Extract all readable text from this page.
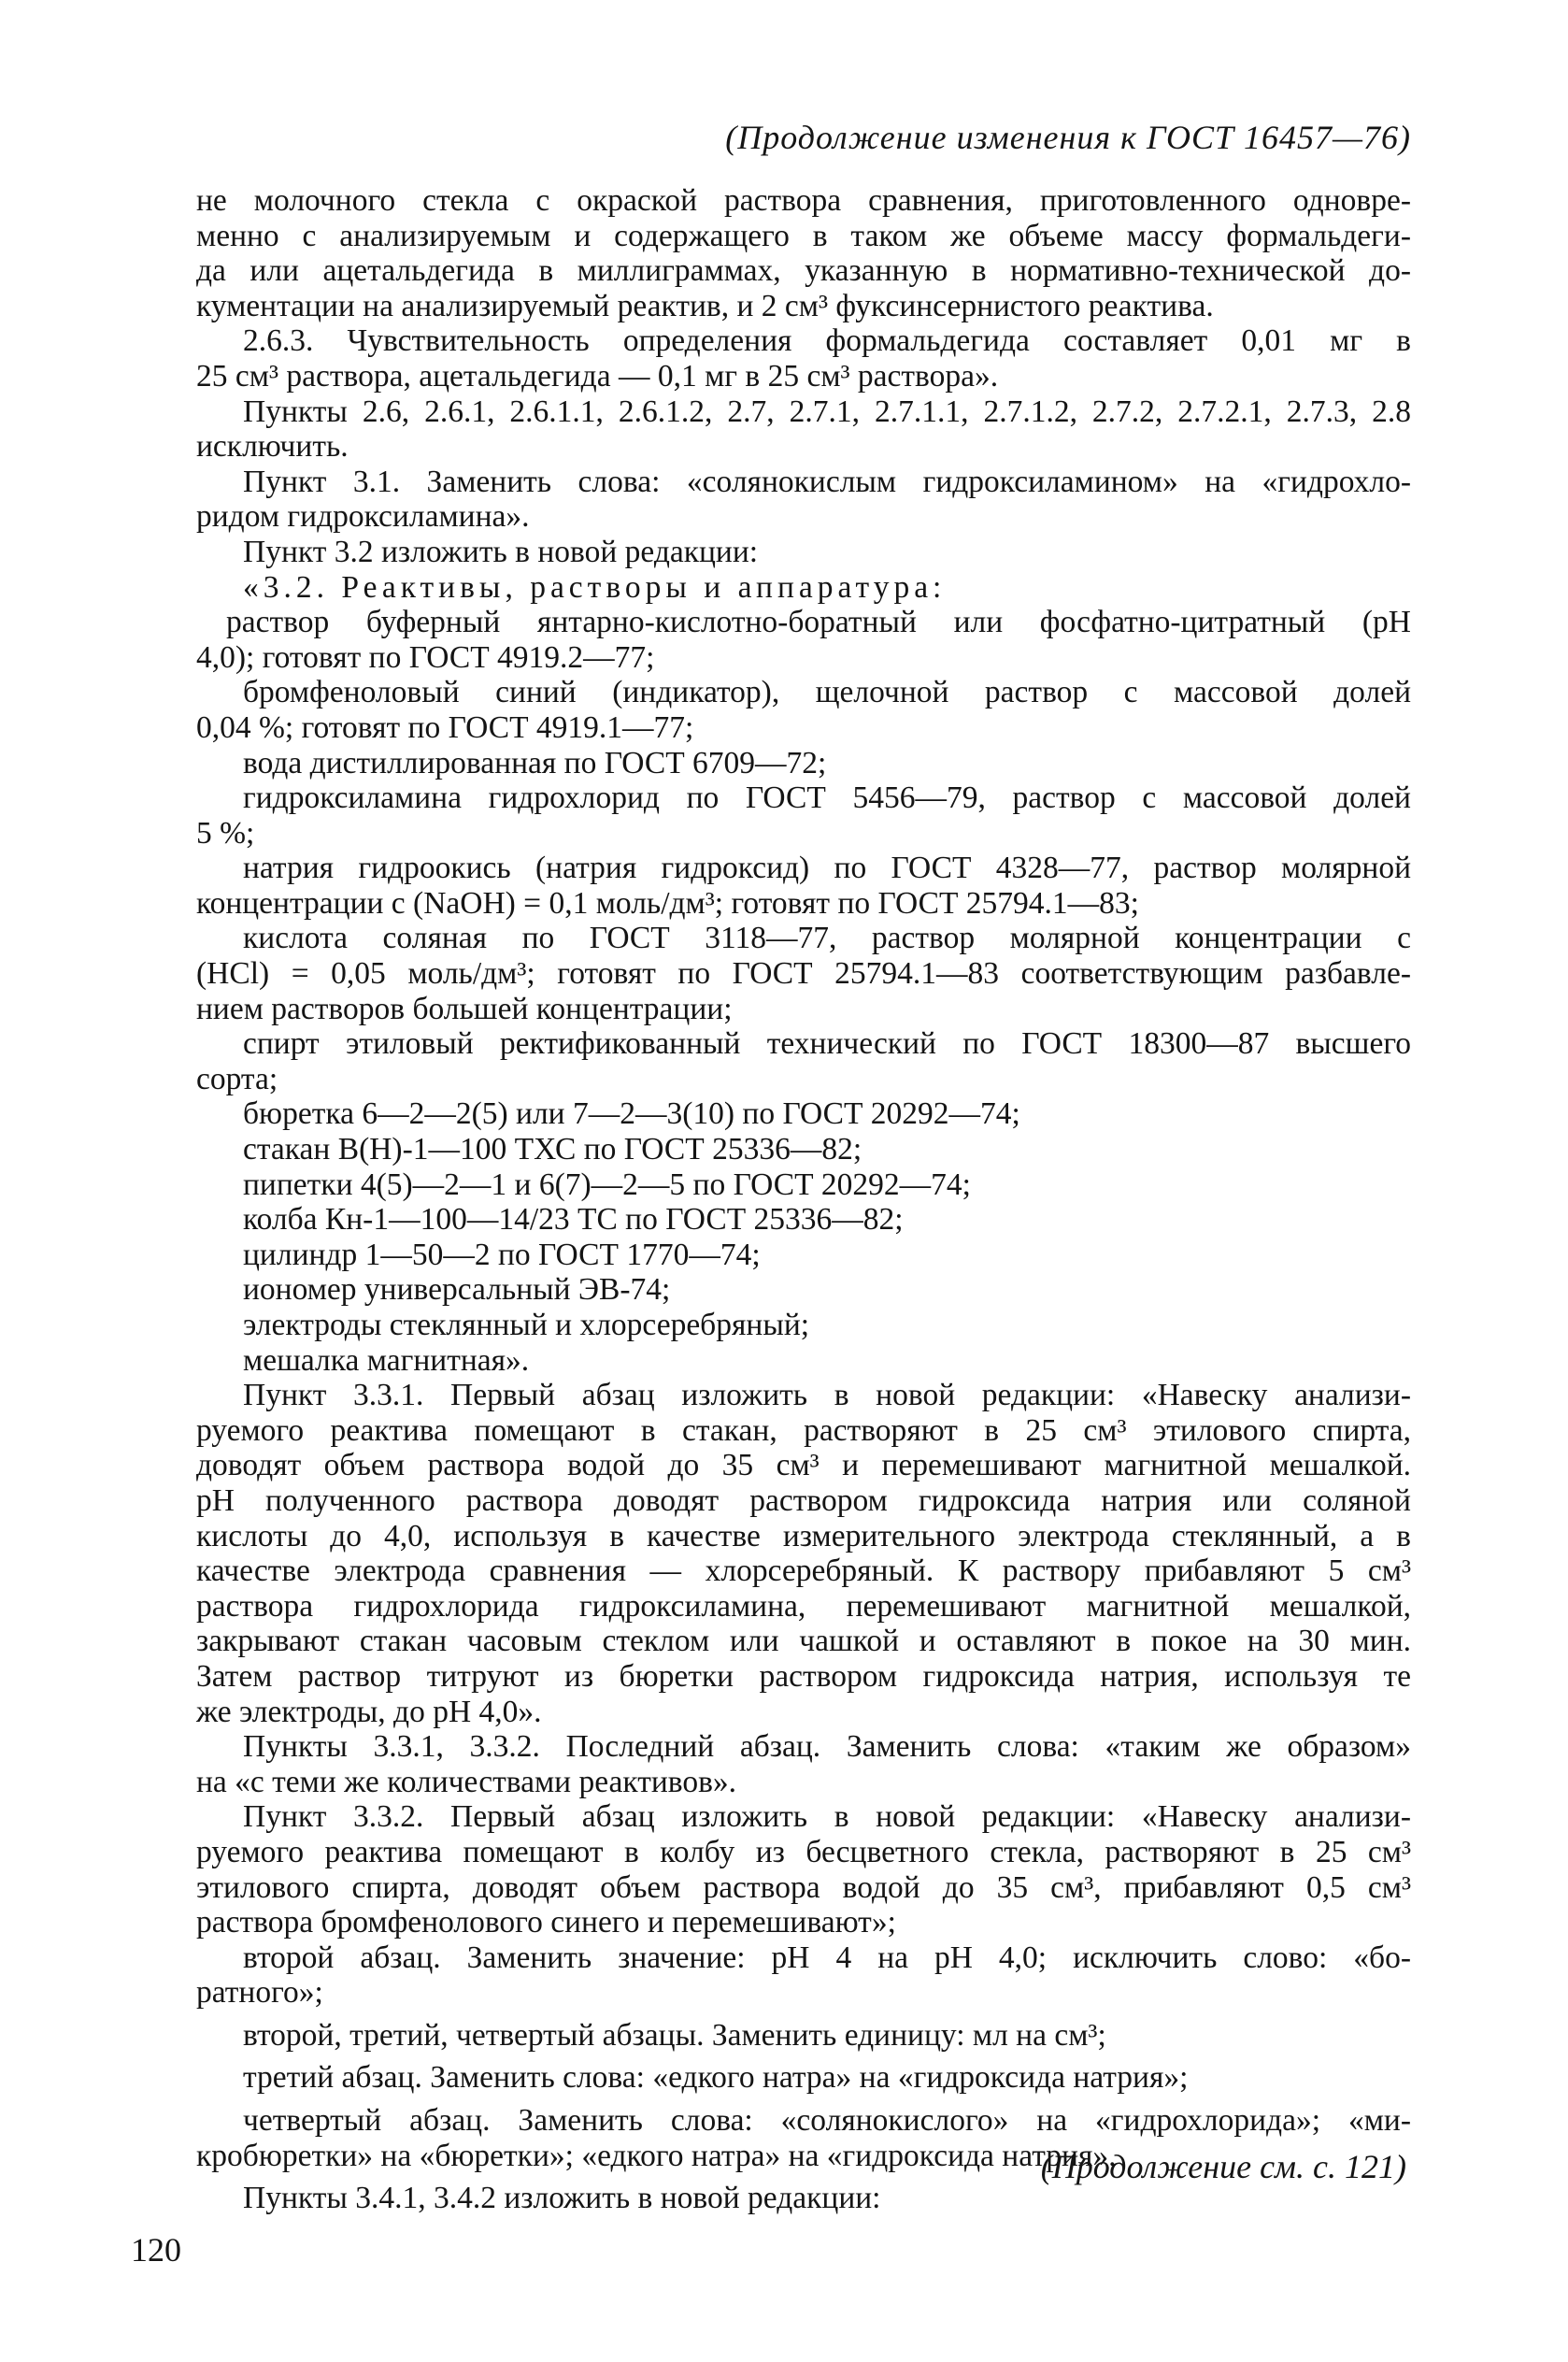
(Продолжение изменения к ГОСТ 16457—76)
не молочного стекла с окраской раствора сравнения, приготовленного одновре-
менно с анализируемым и содержащего в таком же объеме массу формальдеги-
да или ацетальдегида в миллиграммах, указанную в нормативно-технической до-
кументации на анализируемый реактив, и 2 см³ фуксинсернистого реактива.
2.6.3. Чувствительность определения формальдегида составляет 0,01 мг в
25 см³ раствора, ацетальдегида — 0,1 мг в 25 см³ раствора».
Пункты 2.6, 2.6.1, 2.6.1.1, 2.6.1.2, 2.7, 2.7.1, 2.7.1.1, 2.7.1.2, 2.7.2, 2.7.2.1, 2.7.3, 2.8
исключить.
Пункт 3.1. Заменить слова: «солянокислым гидроксиламином» на «гидрохло-
ридом гидроксиламина».
Пункт 3.2 изложить в новой редакции:
«3.2. Реактивы, растворы и аппаратура:
раствор буферный янтарно-кислотно-боратный или фосфатно-цитратный (pH
4,0); готовят по ГОСТ 4919.2—77;
бромфеноловый синий (индикатор), щелочной раствор с массовой долей
0,04 %; готовят по ГОСТ 4919.1—77;
вода дистиллированная по ГОСТ 6709—72;
гидроксиламина гидрохлорид по ГОСТ 5456—79, раствор с массовой долей
5 %;
натрия гидроокись (натрия гидроксид) по ГОСТ 4328—77, раствор молярной
концентрации с (NaOH) = 0,1 моль/дм³; готовят по ГОСТ 25794.1—83;
кислота соляная по ГОСТ 3118—77, раствор молярной концентрации с
(HCl) = 0,05 моль/дм³; готовят по ГОСТ 25794.1—83 соответствующим разбавле-
нием растворов большей концентрации;
спирт этиловый ректификованный технический по ГОСТ 18300—87 высшего
сорта;
бюретка 6—2—2(5) или 7—2—3(10) по ГОСТ 20292—74;
стакан В(Н)-1—100 ТХС по ГОСТ 25336—82;
пипетки 4(5)—2—1 и 6(7)—2—5 по ГОСТ 20292—74;
колба Кн-1—100—14/23 ТС по ГОСТ 25336—82;
цилиндр 1—50—2 по ГОСТ 1770—74;
иономер универсальный ЭВ-74;
электроды стеклянный и хлорсеребряный;
мешалка магнитная».
Пункт 3.3.1. Первый абзац изложить в новой редакции: «Навеску анализи-
руемого реактива помещают в стакан, растворяют в 25 см³ этилового спирта,
доводят объем раствора водой до 35 см³ и перемешивают магнитной мешалкой.
pH полученного раствора доводят раствором гидроксида натрия или соляной
кислоты до 4,0, используя в качестве измерительного электрода стеклянный, а в
качестве электрода сравнения — хлорсеребряный. К раствору прибавляют 5 см³
раствора гидрохлорида гидроксиламина, перемешивают магнитной мешалкой,
закрывают стакан часовым стеклом или чашкой и оставляют в покое на 30 мин.
Затем раствор титруют из бюретки раствором гидроксида натрия, используя те
же электроды, до pH 4,0».
Пункты 3.3.1, 3.3.2. Последний абзац. Заменить слова: «таким же образом»
на «с теми же количествами реактивов».
Пункт 3.3.2. Первый абзац изложить в новой редакции: «Навеску анализи-
руемого реактива помещают в колбу из бесцветного стекла, растворяют в 25 см³
этилового спирта, доводят объем раствора водой до 35 см³, прибавляют 0,5 см³
раствора бромфенолового синего и перемешивают»;
второй абзац. Заменить значение: pH 4 на pH 4,0; исключить слово: «бо-
ратного»;
второй, третий, четвертый абзацы. Заменить единицу: мл на см³;
третий абзац. Заменить слова: «едкого натра» на «гидроксида натрия»;
четвертый абзац. Заменить слова: «солянокислого» на «гидрохлорида»; «ми-
кробюретки» на «бюретки»; «едкого натра» на «гидроксида натрия».
Пункты 3.4.1, 3.4.2 изложить в новой редакции:
(Продолжение см. с. 121)
120
